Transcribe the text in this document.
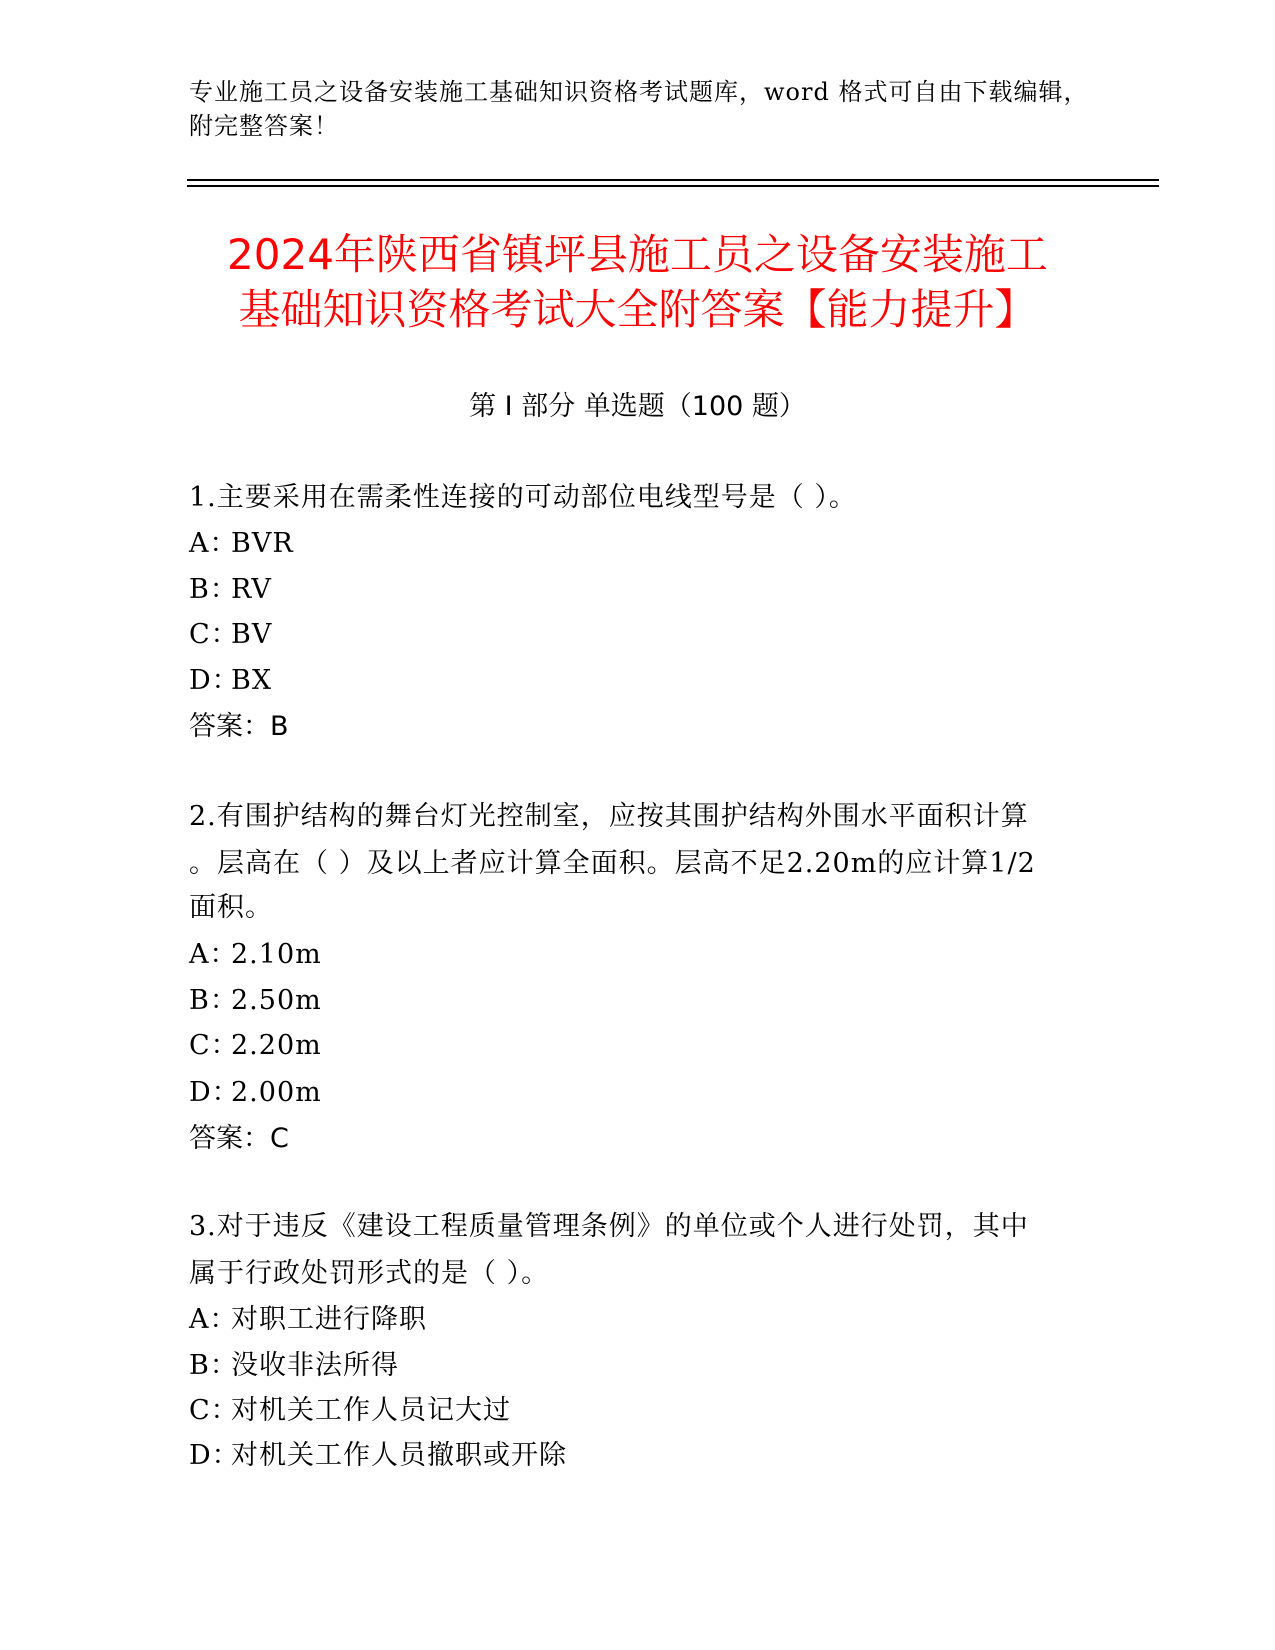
专业施工员之设备安装施工基础知识资格考试题库，word 格式可自由下载编辑，
附完整答案！
2024年陕西省镇坪县施工员之设备安装施工
基础知识资格考试大全附答案【能力提升】
第 I 部分 单选题（100 题）
1.主要采用在需柔性连接的可动部位电线型号是（ ）。
A：BVR
B：RV
C：BV
D：BX
答案：B
2.有围护结构的舞台灯光控制室，应按其围护结构外围水平面积计算
。层高在（ ）及以上者应计算全面积。层高不足2.20m的应计算1/2
面积。
A：2.10m
B：2.50m
C：2.20m
D：2.00m
答案：C
3.对于违反《建设工程质量管理条例》的单位或个人进行处罚，其中
属于行政处罚形式的是（ ）。
A：对职工进行降职
B：没收非法所得
C：对机关工作人员记大过
D：对机关工作人员撤职或开除
